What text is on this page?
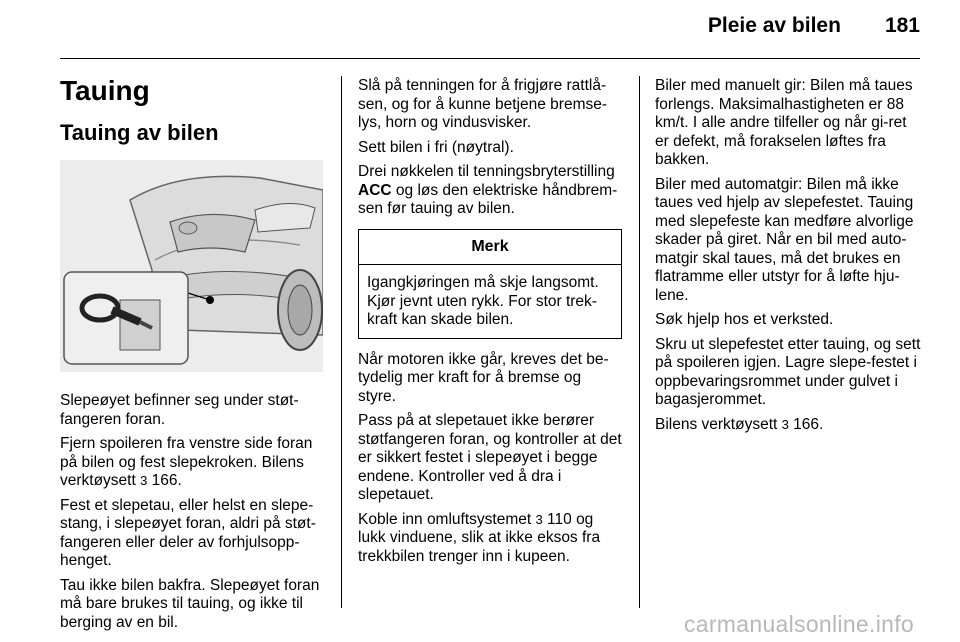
Pleie av bilen 181
Tauing
Tauing av bilen

Slepeøyet befinner seg under støt-fangeren foran.

Fjern spoileren fra venstre side foran på bilen og fest slepekroken. Bilens verktøysett 3 166.

Fest et slepetau, eller helst en slepe-stang, i slepeøyet foran, aldri på støt-fangeren eller deler av forhjulsopp-henget.

Tau ikke bilen bakfra. Slepeøyet foran må bare brukes til tauing, og ikke til berging av en bil.

Slå på tenningen for å frigjøre rattlå-sen, og for å kunne betjene bremse-lys, horn og vindusvisker.

Sett bilen i fri (nøytral).

Drei nøkkelen til tenningsbryterstilling ACC og løs den elektriske håndbrem-sen før tauing av bilen.

Merk
Igangkjøringen må skje langsomt. Kjør jevnt uten rykk. For stor trek-kraft kan skade bilen.

Når motoren ikke går, kreves det be-tydelig mer kraft for å bremse og styre.

Pass på at slepetauet ikke berører støtfangeren foran, og kontroller at det er sikkert festet i slepeøyet i begge endene. Kontroller ved å dra i slepetauet.

Koble inn omluftsystemet 3 110 og lukk vinduene, slik at ikke eksos fra trekkbilen trenger inn i kupeen.

Biler med manuelt gir: Bilen må taues forlengs. Maksimalhastigheten er 88 km/t. I alle andre tilfeller og når gi-ret er defekt, må forakselen løftes fra bakken.

Biler med automatgir: Bilen må ikke taues ved hjelp av slepefestet. Tauing med slepefeste kan medføre alvorlige skader på giret. Når en bil med auto-matgir skal taues, må det brukes en flatramme eller utstyr for å løfte hju-lene.

Søk hjelp hos et verksted.

Skru ut slepefestet etter tauing, og sett på spoileren igjen. Lagre slepe-festet i oppbevaringsrommet under gulvet i bagasjerommet.

Bilens verktøysett 3 166.

carmanualsonline.info
